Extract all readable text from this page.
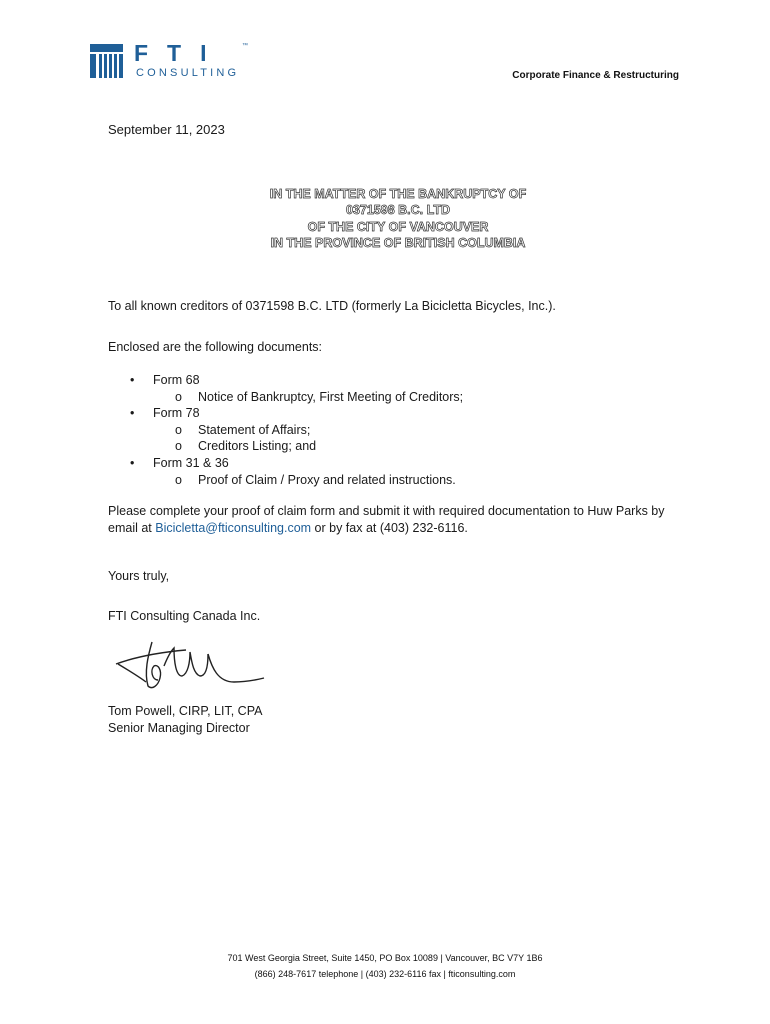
FTI	™
CONSULTING	Corporate Finance & Restructuring
September 11, 2023
IN THE MATTER OF THE BANKRUPTCY OF
0371598 B.C. LTD
OF THE CITY OF VANCOUVER
IN THE PROVINCE OF BRITISH COLUMBIA
To all known creditors of 0371598 B.C. LTD (formerly La Bicicletta Bicycles, Inc.).
Enclosed are the following documents:
• Form 68
o Notice of Bankruptcy, First Meeting of Creditors;
• Form 78
o Statement of Affairs;
o Creditors Listing; and
• Form 31 & 36
o Proof of Claim / Proxy and related instructions.
Please complete your proof of claim form and submit it with required documentation to Huw Parks by email at Bicicletta@fticonsulting.com or by fax at (403) 232-6116.
Yours truly,
FTI Consulting Canada Inc.
Tom Powell, CIRP, LIT, CPA
Senior Managing Director
701 West Georgia Street, Suite 1450, PO Box 10089 | Vancouver, BC V7Y 1B6
(866) 248-7617 telephone | (403) 232-6116 fax | fticonsulting.com
